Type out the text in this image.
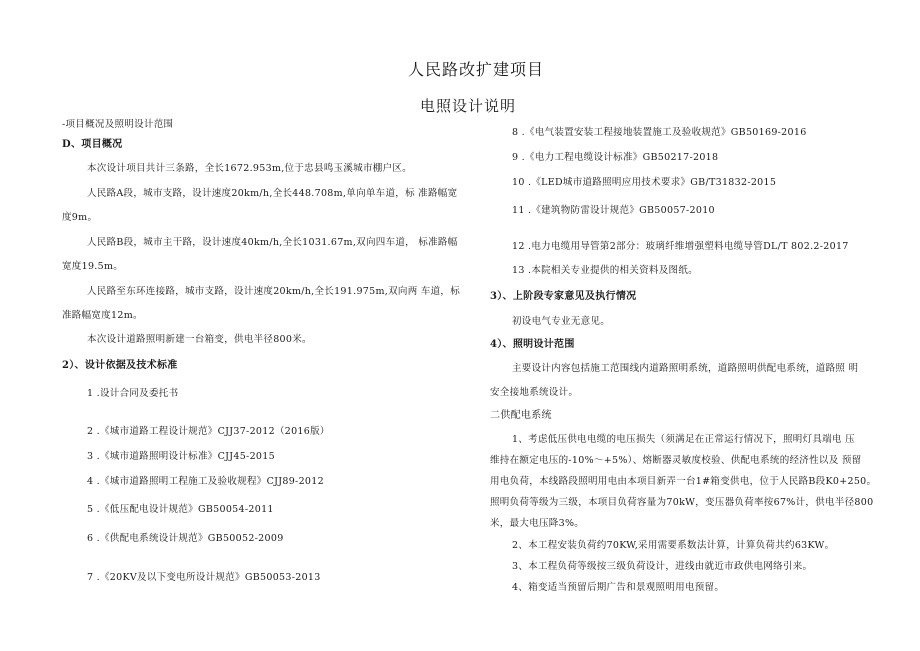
人民路改扩建项目
电照设计说明
-项目概况及照明设计范围
D、项目概况
本次设计项目共计三条路，全长1672.953m,位于忠县鸣玉溪城市棚户区。
人民路A段，城市支路，设计速度20km/h,全长448.708m,单向单车道，标 准路幅宽
度9m。
人民路B段，城市主干路，设计速度40km/h,全长1031.67m,双向四车道， 标准路幅
宽度19.5m。
人民路至东环连接路，城市支路，设计速度20km/h,全长191.975m,双向两 车道，标
准路幅宽度12m。
本次设计道路照明新建一台箱变，供电半径800米。
2）、设计依据及技术标准
1 .设计合同及委托书
2 .《城市道路工程设计规范》CJJ37-2012（2016版）
3 .《城市道路照明设计标准》CJJ45-2015
4 .《城市道路照明工程施工及验收规程》CJJ89-2012
5 .《低压配电设计规范》GB50054-2011
6 .《供配电系统设计规范》GB50052-2009
7 .《20KV及以下变电所设计规范》GB50053-2013
8 .《电气装置安装工程接地装置施工及验收规范》GB50169-2016
9 .《电力工程电缆设计标准》GB50217-2018
10 .《LED城市道路照明应用技术要求》GB/T31832-2015
11 .《建筑物防雷设计规范》GB50057-2010
12 .电力电缆用导管第2部分：玻璃纤维增强塑料电缆导管DL/T 802.2-2017
13 .本院相关专业提供的相关资料及图纸。
3）、上阶段专家意见及执行情况
初设电气专业无意见。
4）、照明设计范围
主要设计内容包括施工范围线内道路照明系统，道路照明供配电系统，道路照 明
安全接地系统设计。
二供配电系统
1、考虑低压供电电缆的电压损失（须满足在正常运行情况下，照明灯具端电 压
维持在额定电压的-10%～+5%）、熔断器灵敏度校验、供配电系统的经济性以及 预留
用电负荷，本线路段照明用电由本项目新弄一台1#箱变供电，位于人民路B段K0+250。
照明负荷等级为三级，本项目负荷容量为70kW，变压器负荷率按67%计，供电半径800
米，最大电压降3%。
2、本工程安装负荷约70KW,采用需要系数法计算，计算负荷共约63KW。
3、本工程负荷等级按三级负荷设计，进线由就近市政供电网络引来。
4、箱变适当预留后期广告和景观照明用电预留。
